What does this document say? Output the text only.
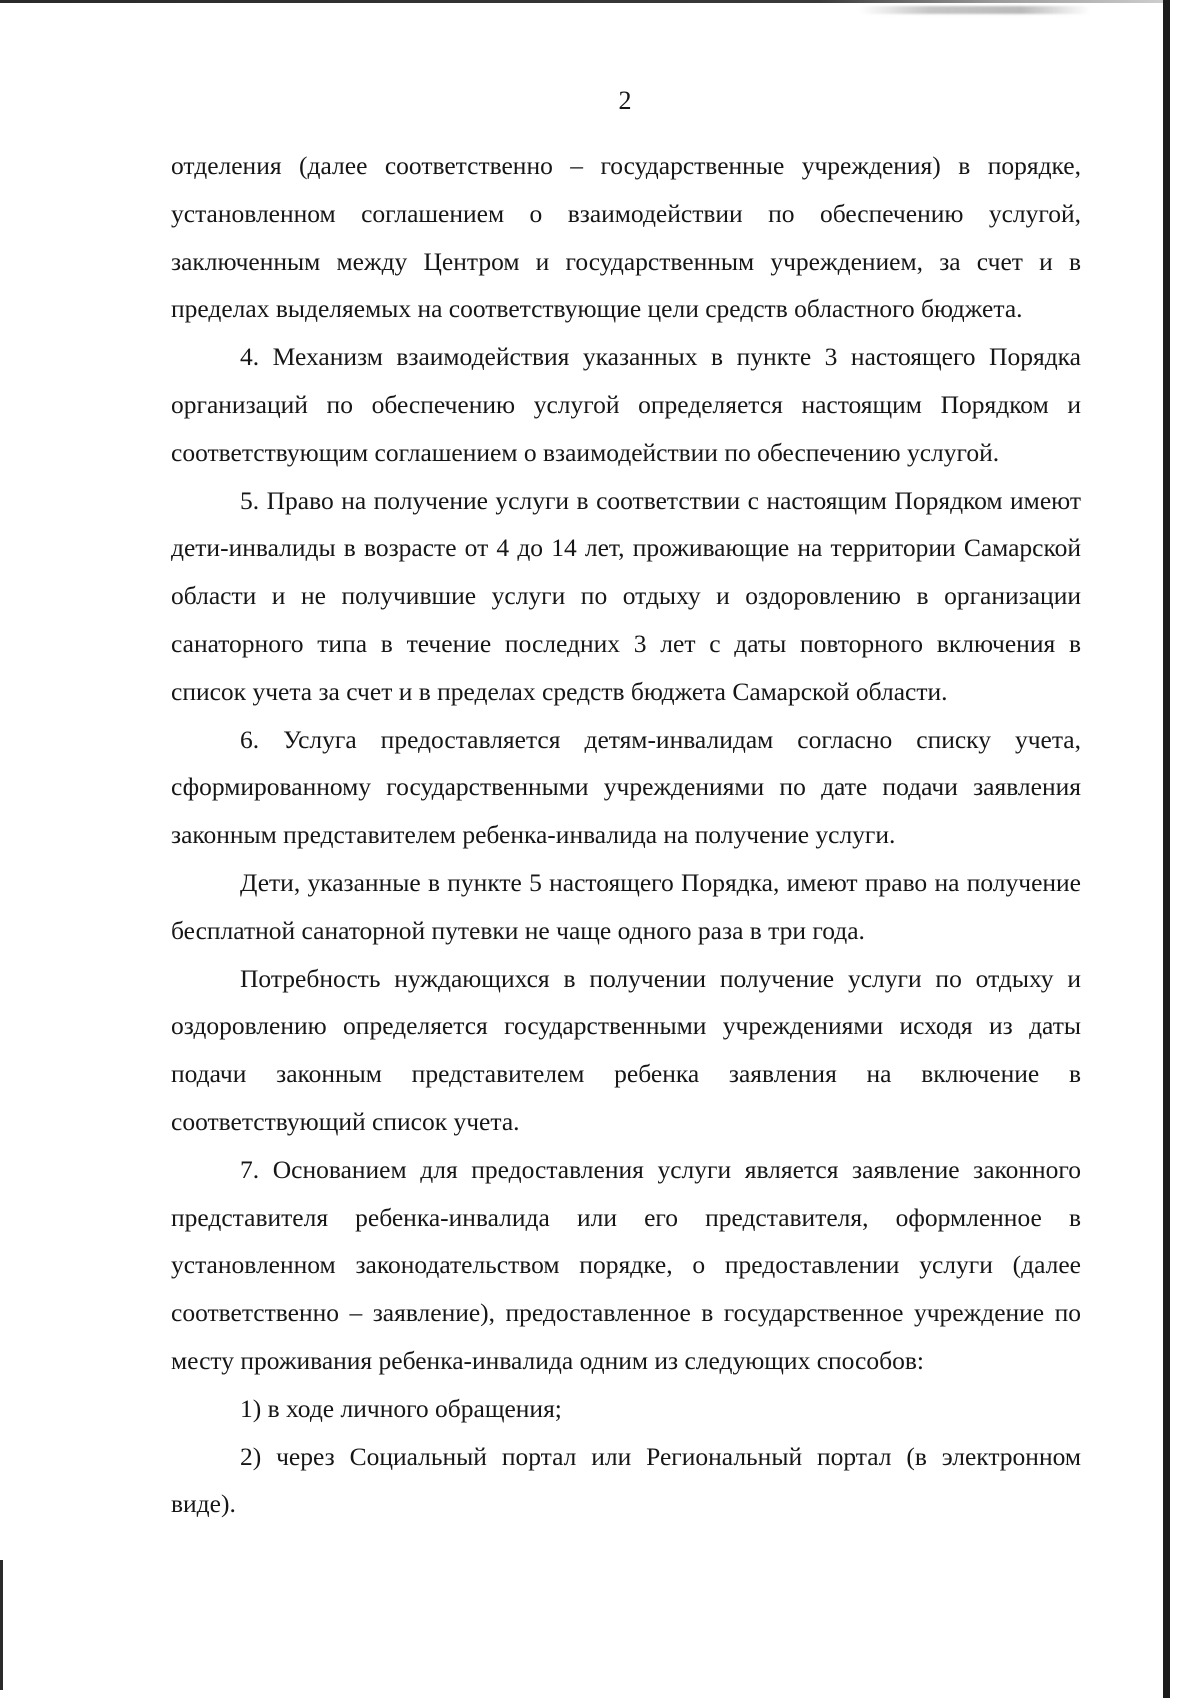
2

отделения (далее соответственно – государственные учреждения) в порядке, установленном соглашением о взаимодействии по обеспечению услугой, заключенным между Центром и государственным учреждением, за счет и в пределах выделяемых на соответствующие цели средств областного бюджета.

4. Механизм взаимодействия указанных в пункте 3 настоящего Порядка организаций по обеспечению услугой определяется настоящим Порядком и соответствующим соглашением о взаимодействии по обеспечению услугой.

5. Право на получение услуги в соответствии с настоящим Порядком имеют дети-инвалиды в возрасте от 4 до 14 лет, проживающие на территории Самарской области и не получившие услуги по отдыху и оздоровлению в организации санаторного типа в течение последних 3 лет с даты повторного включения в список учета за счет и в пределах средств бюджета Самарской области.

6. Услуга предоставляется детям-инвалидам согласно списку учета, сформированному государственными учреждениями по дате подачи заявления законным представителем ребенка-инвалида на получение услуги.

Дети, указанные в пункте 5 настоящего Порядка, имеют право на получение бесплатной санаторной путевки не чаще одного раза в три года.

Потребность нуждающихся в получении получение услуги по отдыху и оздоровлению определяется государственными учреждениями исходя из даты подачи законным представителем ребенка заявления на включение в соответствующий список учета.

7. Основанием для предоставления услуги является заявление законного представителя ребенка-инвалида или его представителя, оформленное в установленном законодательством порядке, о предоставлении услуги (далее соответственно – заявление), предоставленное в государственное учреждение по месту проживания ребенка-инвалида одним из следующих способов:

1) в ходе личного обращения;

2) через Социальный портал или Региональный портал (в электронном виде).
